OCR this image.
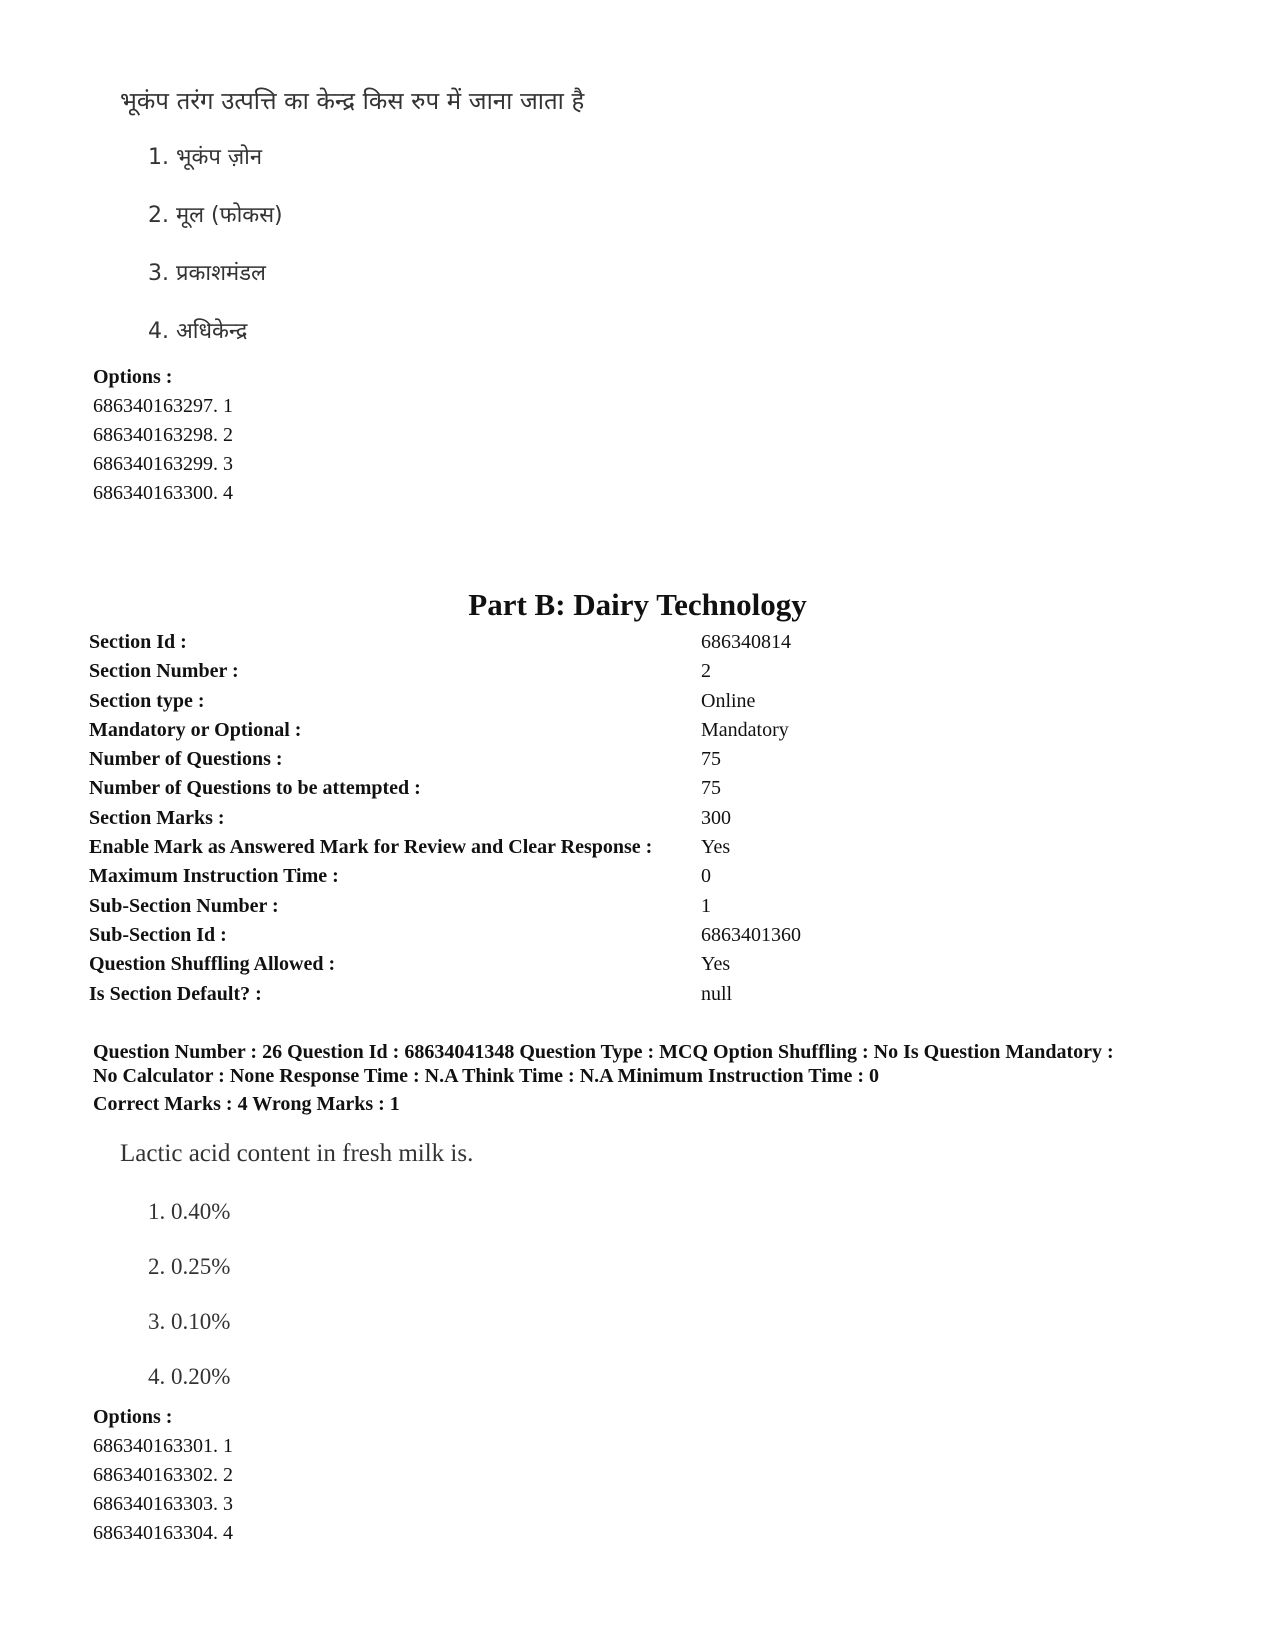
भूकंप तरंग उत्पत्ति का केन्द्र किस रुप में जाना जाता है
1. भूकंप ज़ोन
2. मूल (फोकस)
3. प्रकाशमंडल
4. अधिकेन्द्र
Options :
686340163297. 1
686340163298. 2
686340163299. 3
686340163300. 4
Part B: Dairy Technology
Section Id :	686340814
Section Number :	2
Section type :	Online
Mandatory or Optional :	Mandatory
Number of Questions :	75
Number of Questions to be attempted :	75
Section Marks :	300
Enable Mark as Answered Mark for Review and Clear Response :	Yes
Maximum Instruction Time :	0
Sub-Section Number :	1
Sub-Section Id :	6863401360
Question Shuffling Allowed :	Yes
Is Section Default? :	null
Question Number : 26 Question Id : 68634041348 Question Type : MCQ Option Shuffling : No Is Question Mandatory :
No Calculator : None Response Time : N.A Think Time : N.A Minimum Instruction Time : 0
Correct Marks : 4 Wrong Marks : 1
Lactic acid content in fresh milk is.
1. 0.40%
2. 0.25%
3. 0.10%
4. 0.20%
Options :
686340163301. 1
686340163302. 2
686340163303. 3
686340163304. 4
